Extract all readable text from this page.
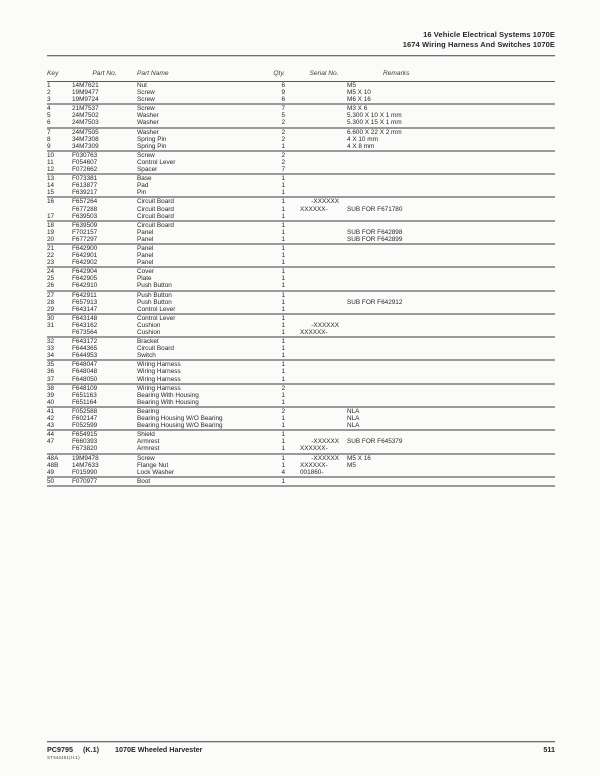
16 Vehicle Electrical Systems 1070E
1674 Wiring Harness And Switches 1070E
Key	Part No.	Part Name	Qty.	Serial No.	Remarks
1	14M7621	Nut	6		M5
2	19M9477	Screw	9		M5 X 10
3	19M9724	Screw	6		M6 X 16
4	21M7537	Screw	7		M3 X 6
5	24M7502	Washer	5		5.300 X 10 X 1 mm
6	24M7503	Washer	2		5.300 X 15 X 1 mm
7	24M7505	Washer	2		6.600 X 22 X 2 mm
8	34M7308	Spring Pin	2		4 X 10 mm
9	34M7309	Spring Pin	1		4 X 8 mm
10	F030763	Screw	2		
11	F054607	Control Lever	2		
12	F072662	Spacer	7		
13	F073381	Base	1		
14	F613877	Pad	1		
15	F639217	Pin	1		
16	F657264	Circuit Board	1	-XXXXXX	
	F677288	Circuit Board	1	XXXXXX-	SUB FOR F671780
17	F639503	Circuit Board	1		
18	F639509	Circuit Board	1		
19	F702157	Panel	1		SUB FOR F642898
20	F677297	Panel	1		SUB FOR F642899
21	F642900	Panel	1		
22	F642901	Panel	1		
23	F642902	Panel	1		
24	F642904	Cover	1		
25	F642905	Plate	1		
26	F642910	Push Button	1		
27	F642911	Push Button	1		
28	F657913	Push Button	1		SUB FOR F642912
29	F643147	Control Lever	1		
30	F643148	Control Lever	1		
31	F643162	Cushion	1	-XXXXXX	
	F673564	Cushion	1	XXXXXX-	
32	F643172	Bracket	1		
33	F644365	Circuit Board	1		
34	F644953	Switch	1		
35	F648047	Wiring Harness	1		
36	F648048	Wiring Harness	1		
37	F648050	Wiring Harness	1		
38	F648109	Wiring Harness	2		
39	F651163	Bearing With Housing	1		
40	F651164	Bearing With Housing	1		
41	F052588	Bearing	2		NLA
42	F602147	Bearing Housing W/O Bearing	1		NLA
43	F052599	Bearing Housing W/O Bearing	1		NLA
44	F654915	Shield	1		
47	F660393	Armrest	1	-XXXXXX	SUB FOR F645379
	F673820	Armrest	1	XXXXXX-	
48A	19M9478	Screw	1	-XXXXXX	M5 X 16
48B	14M7633	Flange Nut	1	XXXXXX-	M5
49	F015990	Lock Washer	4	001860-	
50	F070977	Boot	1		
PC9795 (K.1) 1070E Wheeled Harvester	511
ST342451(H.1)
